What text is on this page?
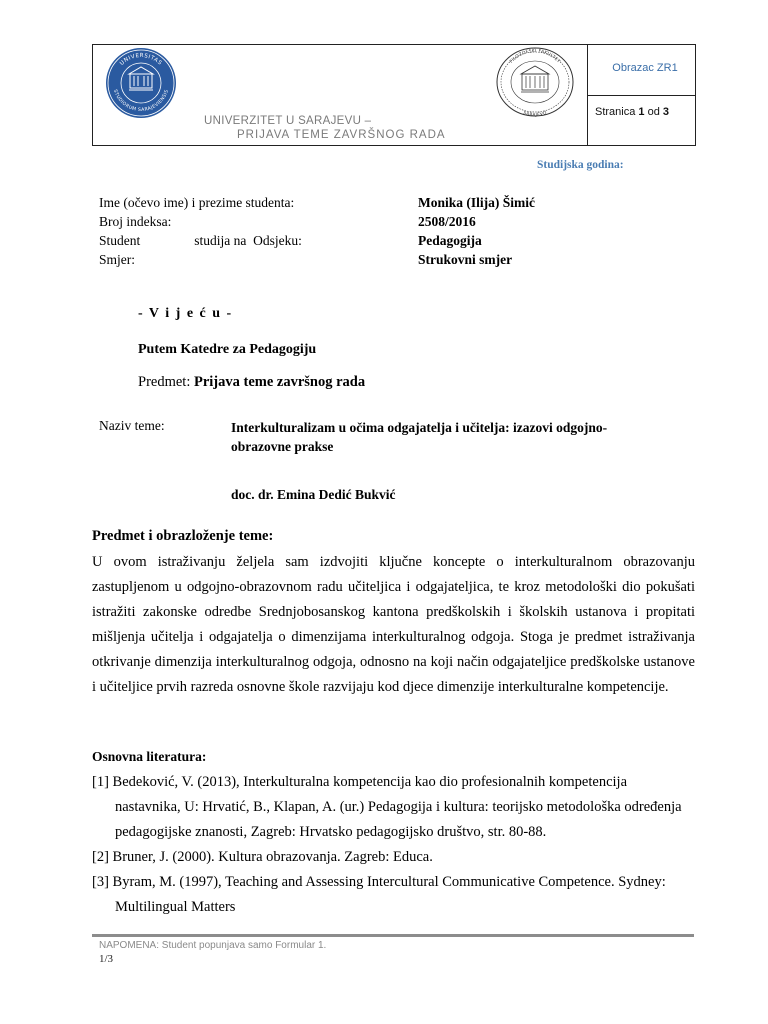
UNIVERSITAS
STUDIORUM SARAJEVIENSIS
FILOZOFSKI FAKULTET
SARAJEVO
UNIVERZITET U SARAJEVU –
PRIJAVA TEME ZAVRŠNOG RADA
Obrazac ZR1
Stranica 1 od 3
Studijska godina:
Ime (očevo ime) i prezime studenta:	Monika (Ilija) Šimić
Broj indeksa:	2508/2016
Student                studija na  Odsjeku:	Pedagogija
Smjer:	Strukovni smjer
- V i j e ć u -
Putem Katedre za Pedagogiju
Predmet: Prijava teme završnog rada
Naziv teme:	Interkulturalizam u očima odgajatelja i učitelja: izazovi odgojno-obrazovne prakse
doc. dr. Emina Dedić Bukvić
Predmet i obrazloženje teme:
U ovom istraživanju željela sam izdvojiti ključne koncepte o interkulturalnom obrazovanju zastupljenom u odgojno-obrazovnom radu učiteljica i odgajateljica, te kroz metodološki dio pokušati istražiti zakonske odredbe Srednjobosanskog kantona predškolskih i školskih ustanova i propitati mišljenja učitelja i odgajatelja o dimenzijama interkulturalnog odgoja. Stoga je predmet istraživanja otkrivanje dimenzija interkulturalnog odgoja, odnosno na koji način odgajateljice predškolske ustanove i učiteljice prvih razreda osnovne škole razvijaju kod djece dimenzije interkulturalne kompetencije.
Osnovna literatura:
[1] Bedeković, V. (2013), Interkulturalna kompetencija kao dio profesionalnih kompetencija nastavnika, U: Hrvatić, B., Klapan, A. (ur.) Pedagogija i kultura: teorijsko metodološka određenja pedagogijske znanosti, Zagreb: Hrvatsko pedagogijsko društvo, str. 80-88.
[2] Bruner, J. (2000). Kultura obrazovanja. Zagreb: Educa.
[3] Byram, M. (1997), Teaching and Assessing Intercultural Communicative Competence. Sydney: Multilingual Matters
NAPOMENA: Student popunjava samo Formular 1.
1/3
